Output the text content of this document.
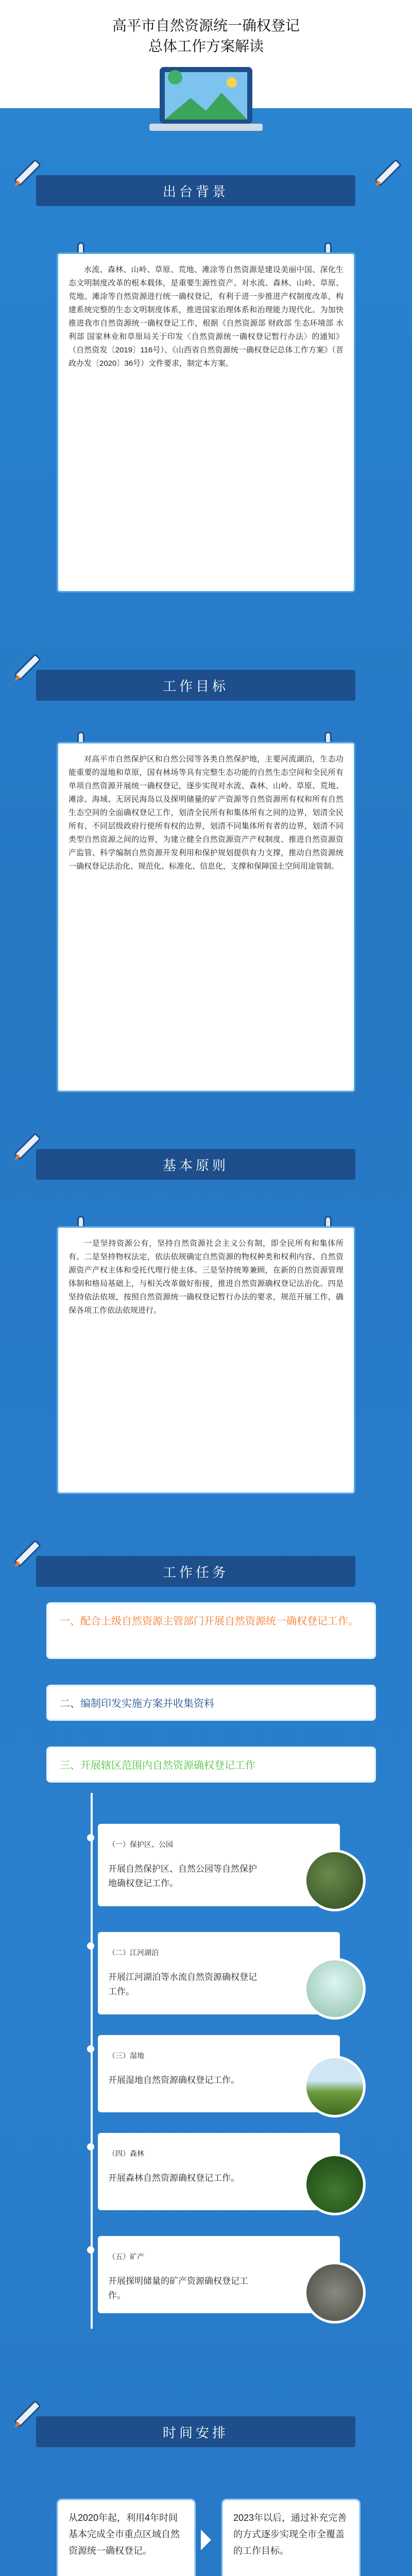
高平市自然资源统一确权登记
总体工作方案解读
出台背景

水流、森林、山岭、草原、荒地、滩涂等自然资源是建设美丽中国、深化生态文明制度改革的根本载体，是重要生源性资产。对水流、森林、山岭、草原、荒地、滩涂等自然资源进行统一确权登记，有利于进一步推进产权制度改革，构建系统完整的生态文明制度体系，推进国家治理体系和治理能力现代化。为加快推进我市自然资源统一确权登记工作，根据《自然资源部 财政部 生态环境部 水利部 国家林业和草原局关于印发〈自然资源统一确权登记暂行办法〉的通知》（自然资发〔2019〕116号）、《山西省自然资源统一确权登记总体工作方案》（晋政办发〔2020〕36号）文件要求，制定本方案。

工作目标

对高平市自然保护区和自然公园等各类自然保护地，主要河流湖泊，生态功能重要的湿地和草原，国有林场等具有完整生态功能的自然生态空间和全民所有单项自然资源开展统一确权登记，逐步实现对水流、森林、山岭、草原、荒地、滩涂、海域、无居民海岛以及探明储量的矿产资源等自然资源所有权和所有自然生态空间的全面确权登记工作，划清全民所有和集体所有之间的边界，划清全民所有、不同层级政府行使所有权的边界，划清不同集体所有者的边界，划清不同类型自然资源之间的边界，为建立健全自然资源资产产权制度、推进自然资源资产监管、科学编制自然资源开发利用和保护规划提供有力支撑，推动自然资源统一确权登记法治化、规范化、标准化、信息化，支撑和保障国土空间用途管制。

基本原则

一是坚持资源公有，坚持自然资源社会主义公有制，即全民所有和集体所有。二是坚持物权法定，依法依规确定自然资源的物权种类和权利内容、自然资源资产产权主体和受托代理行使主体。三是坚持统筹兼顾，在新的自然资源管理体制和格局基础上，与相关改革做好衔接，推进自然资源确权登记法治化。四是坚持依法依规，按照自然资源统一确权登记暂行办法的要求，规范开展工作，确保各项工作依法依规进行。

工作任务
一、配合上级自然资源主管部门开展自然资源统一确权登记工作。
二、编制印发实施方案并收集资料
三、开展辖区范围内自然资源确权登记工作
（一）保护区、公园
开展自然保护区、自然公园等自然保护地确权登记工作。
（二）江河湖泊
开展江河湖泊等水流自然资源确权登记工作。
（三）湿地
开展湿地自然资源确权登记工作。
（四）森林
开展森林自然资源确权登记工作。
（五）矿产
开展探明储量的矿产资源确权登记工作。
时间安排
从2020年起，利用4年时间基本完成全市重点区域自然资源统一确权登记。
2023年以后，通过补充完善的方式逐步实现全市全覆盖的工作目标。
